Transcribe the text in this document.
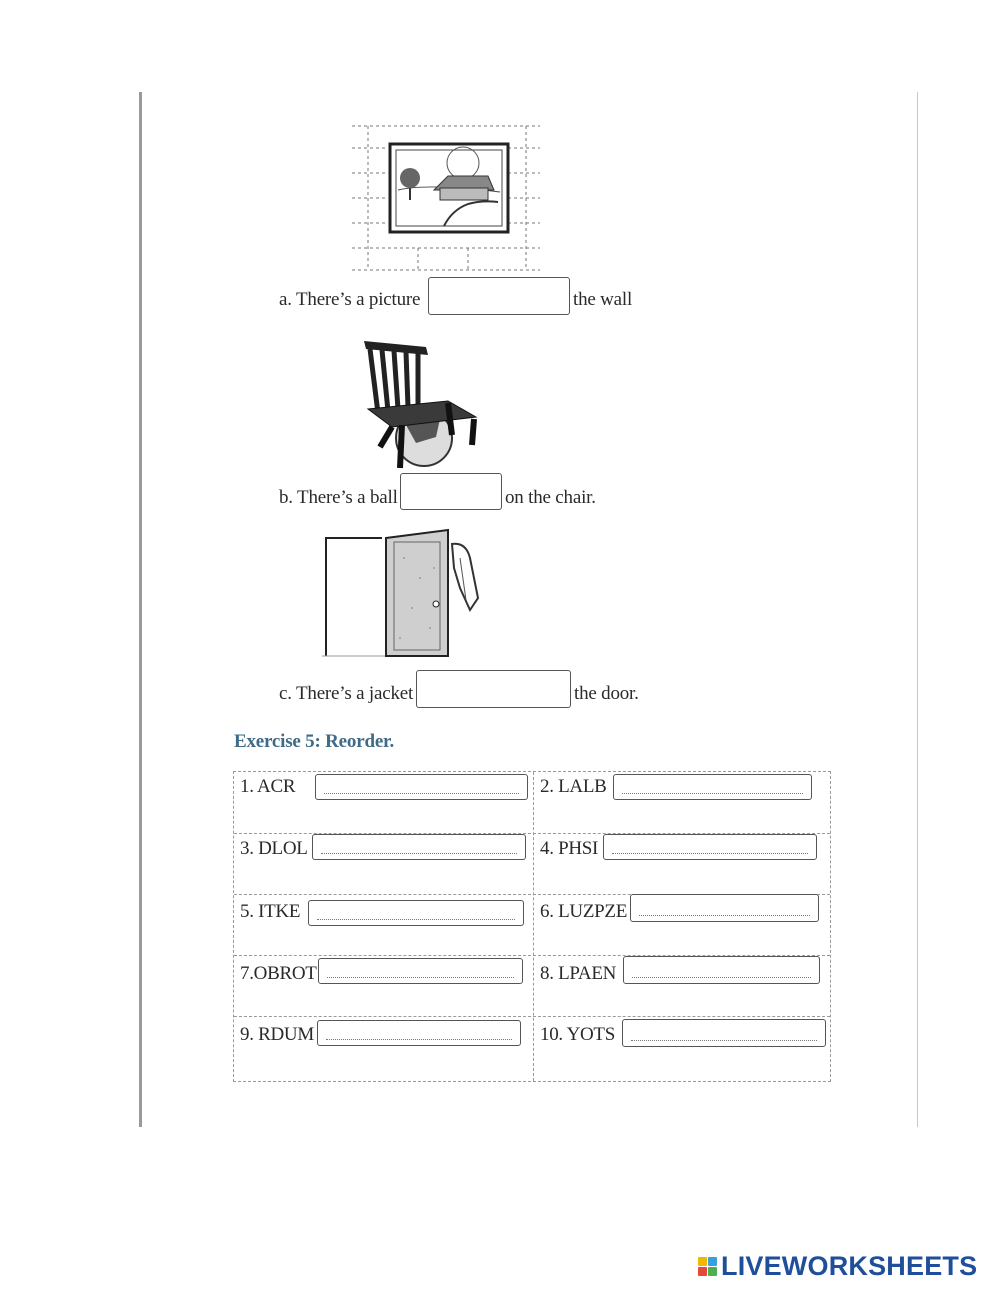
a. There’s a picture	the wall
b. There’s a ball	on the chair.
c. There’s a jacket	the door.
Exercise 5: Reorder.
1. ACR	2. LALB
3. DLOL	4. PHSI
5. ITKE	6. LUZPZE
7.OBROT	8. LPAEN
9. RDUM	10. YOTS
LIVEWORKSHEETS
